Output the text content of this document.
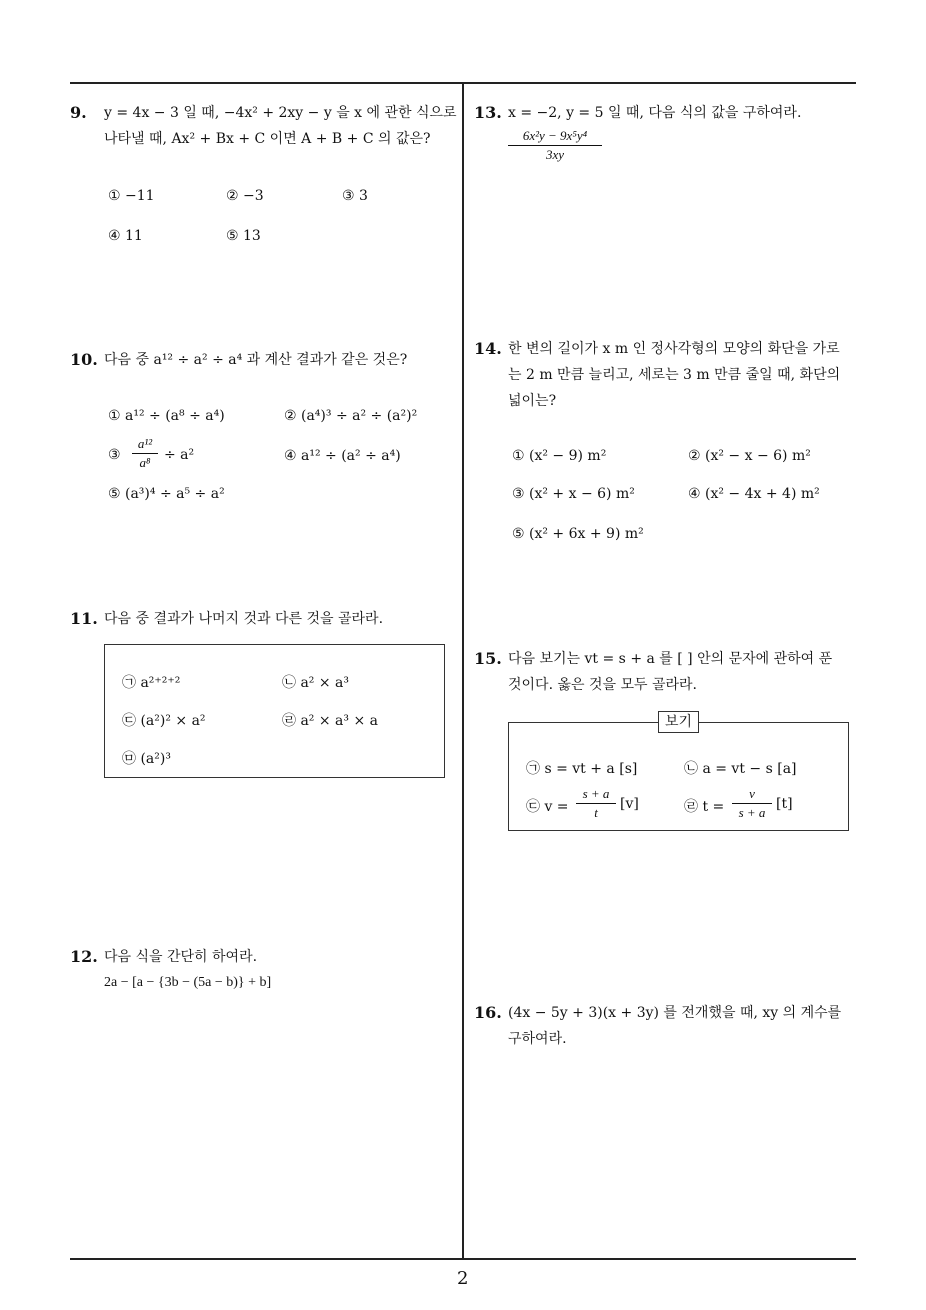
2
9. y = 4x − 3 일 때, −4x² + 2xy − y 을 x 에 관한 식으로
나타낼 때, Ax² + Bx + C 이면 A + B + C 의 값은?
① −11	② −3	③ 3
④ 11	⑤ 13
10. 다음 중 a¹² ÷ a² ÷ a⁴ 과 계산 결과가 같은 것은?
① a¹² ÷ (a⁸ ÷ a⁴)	② (a⁴)³ ÷ a² ÷ (a²)²
③ $\frac{\text{a¹²}}{\text{a⁸}} \div a^2$	④ a¹² ÷ (a² ÷ a⁴)
⑤ (a³)⁴ ÷ a⁵ ÷ a²
11. 다음 중 결과가 나머지 것과 다른 것을 골라라.
㉠ a²⁺²⁺²	㉡ a² × a³
㉢ (a²)² × a²	㉣ a² × a³ × a
㉤ (a²)³
12. 다음 식을 간단히 하여라.
2a − [a − {3b − (5a − b)} + b]
13. x = −2, y = 5 일 때, 다음 식의 값을 구하여라.
$\frac{\text{6x²y − 9x⁵y⁴}}{3xy}$
14. 한 변의 길이가 x m 인 정사각형의 모양의 화단을 가로
는 2 m 만큼 늘리고, 세로는 3 m 만큼 줄일 때, 화단의
넓이는?
① (x² − 9) m²	② (x² − x − 6) m²
③ (x² + x − 6) m²	④ (x² − 4x + 4) m²
⑤ (x² + 6x + 9) m²
15. 다음 보기는 vt = s + a 를 [ ] 안의 문자에 관하여 푼
것이다. 옳은 것을 모두 골라라.
보기
㉠ s = vt + a [s]	㉡ a = vt − s [a]
㉢ $v = \frac{s + a}{t} [v]$	㉣ $t = \frac{v}{s + a} [t]$
16. (4x − 5y + 3)(x + 3y) 를 전개했을 때, xy 의 계수를
구하여라.
